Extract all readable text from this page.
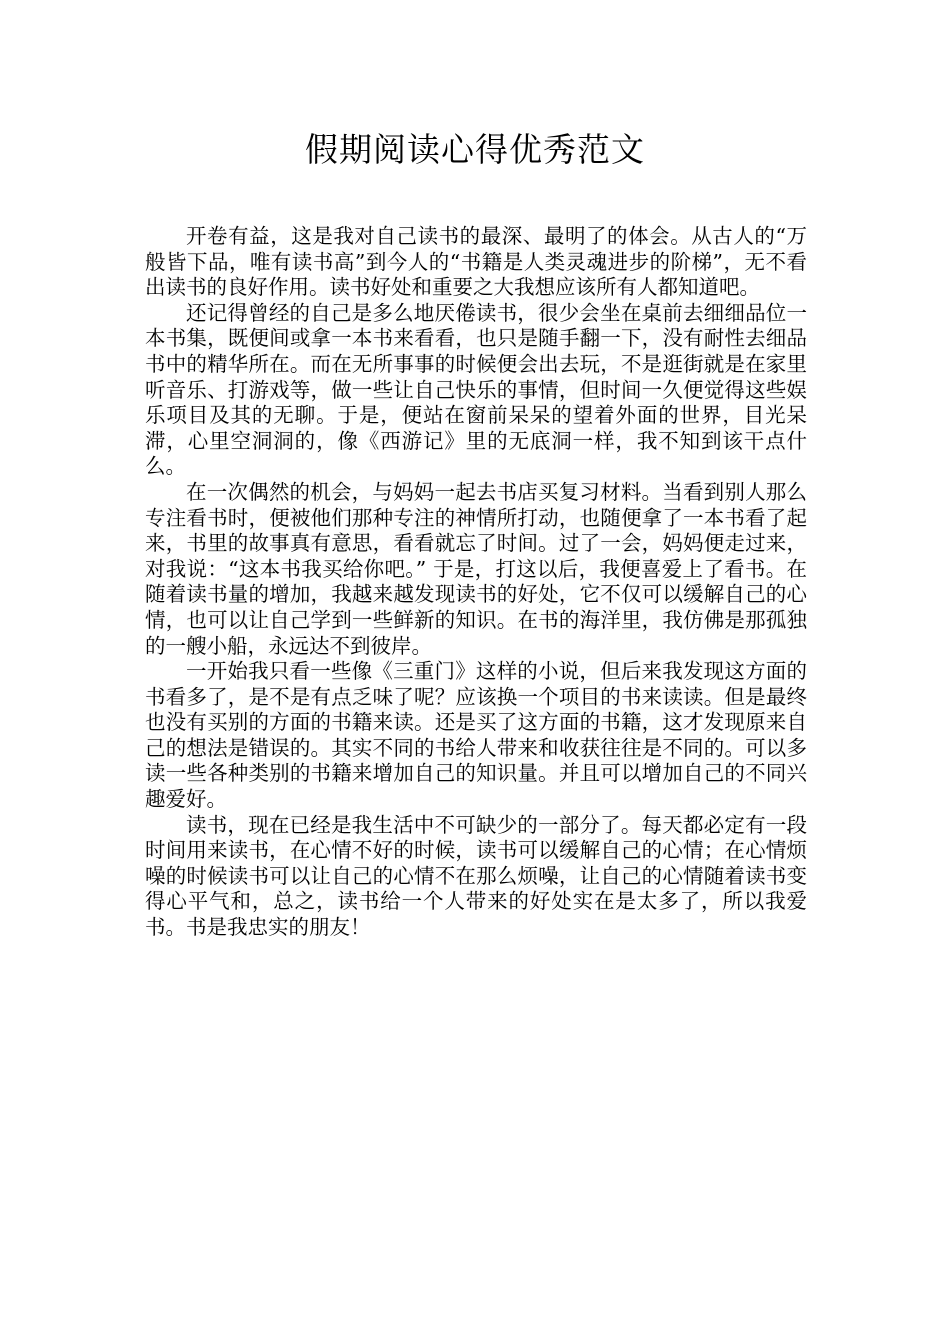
假期阅读心得优秀范文

开卷有益，这是我对自己读书的最深、最明了的体会。从古人的“万般皆下品，唯有读书高”到今人的“书籍是人类灵魂进步的阶梯”，无不看出读书的良好作用。读书好处和重要之大我想应该所有人都知道吧。

还记得曾经的自己是多么地厌倦读书，很少会坐在桌前去细细品位一本书集，既便间或拿一本书来看看，也只是随手翻一下，没有耐性去细品书中的精华所在。而在无所事事的时候便会出去玩，不是逛街就是在家里听音乐、打游戏等，做一些让自己快乐的事情，但时间一久便觉得这些娱乐项目及其的无聊。于是，便站在窗前呆呆的望着外面的世界，目光呆滞，心里空洞洞的，像《西游记》里的无底洞一样，我不知到该干点什么。

在一次偶然的机会，与妈妈一起去书店买复习材料。当看到别人那么专注看书时，便被他们那种专注的神情所打动，也随便拿了一本书看了起来，书里的故事真有意思，看看就忘了时间。过了一会，妈妈便走过来，对我说：“这本书我买给你吧。” 于是，打这以后，我便喜爱上了看书。在随着读书量的增加，我越来越发现读书的好处，它不仅可以缓解自己的心情，也可以让自己学到一些鲜新的知识。在书的海洋里，我仿佛是那孤独的一艘小船，永远达不到彼岸。

一开始我只看一些像《三重门》这样的小说，但后来我发现这方面的书看多了，是不是有点乏味了呢？应该换一个项目的书来读读。但是最终也没有买别的方面的书籍来读。还是买了这方面的书籍，这才发现原来自己的想法是错误的。其实不同的书给人带来和收获往往是不同的。可以多读一些各种类别的书籍来增加自己的知识量。并且可以增加自己的不同兴趣爱好。

读书，现在已经是我生活中不可缺少的一部分了。每天都必定有一段时间用来读书，在心情不好的时候，读书可以缓解自己的心情；在心情烦噪的时候读书可以让自己的心情不在那么烦噪，让自己的心情随着读书变得心平气和，总之，读书给一个人带来的好处实在是太多了，所以我爱书。书是我忠实的朋友！
